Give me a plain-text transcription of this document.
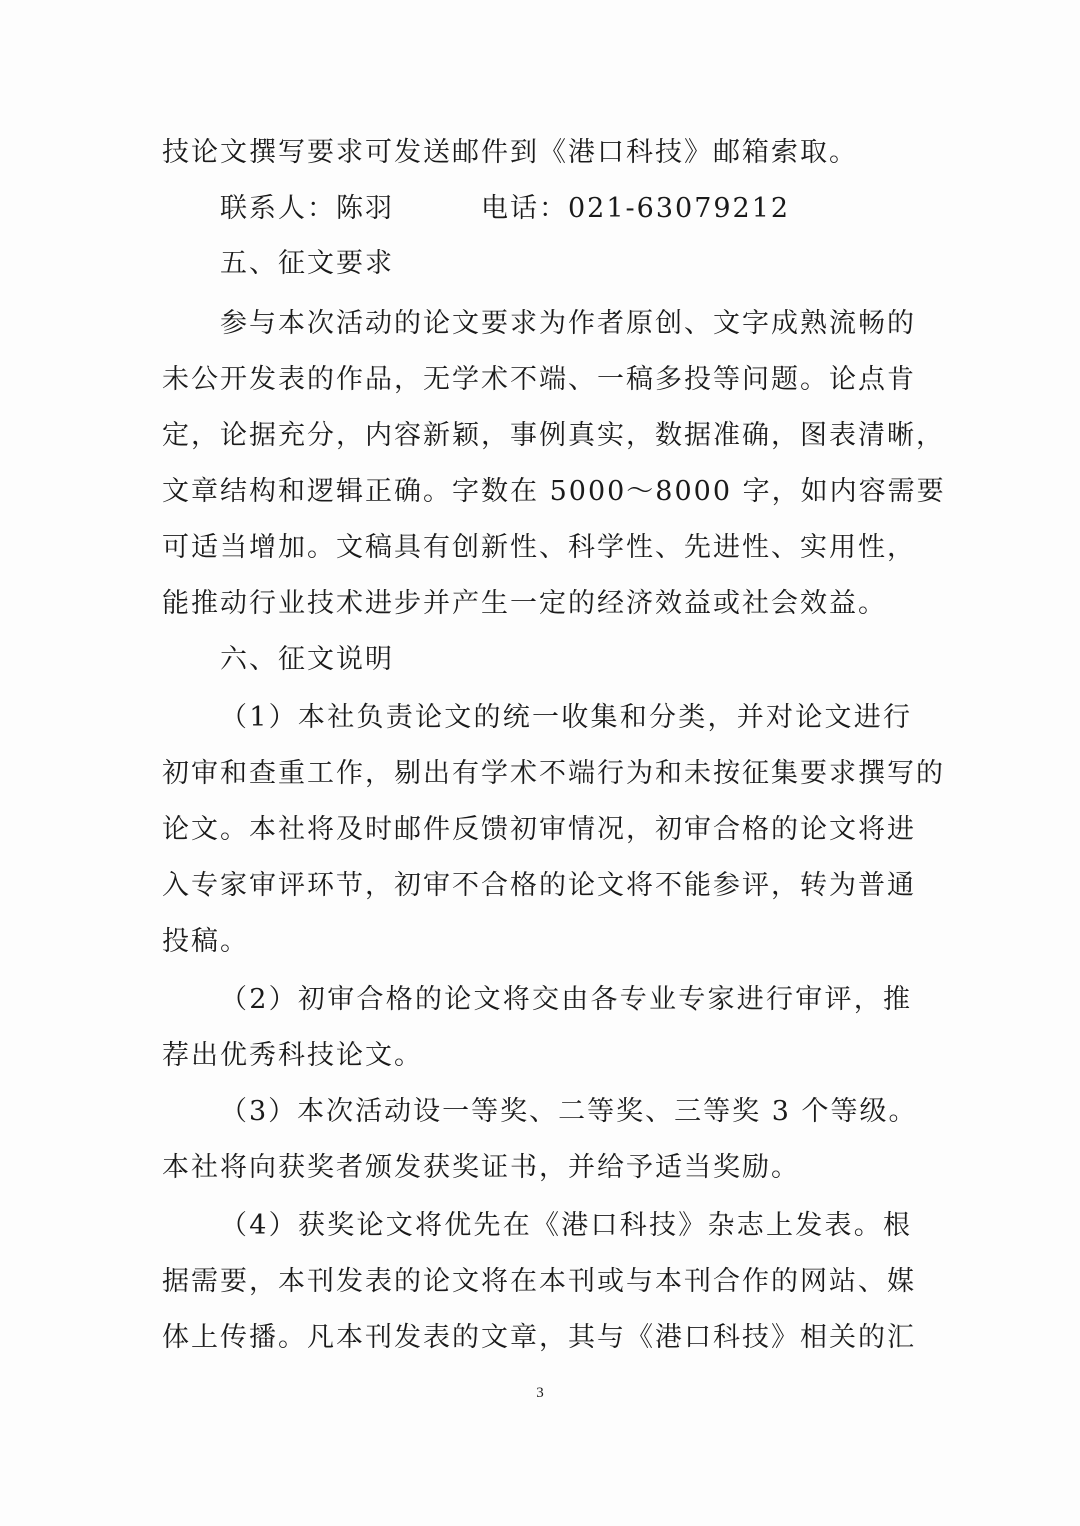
技论文撰写要求可发送邮件到《港口科技》邮箱索取。
联系人：陈羽　　　电话：021-63079212
五、征文要求
参与本次活动的论文要求为作者原创、文字成熟流畅的
未公开发表的作品，无学术不端、一稿多投等问题。论点肯
定，论据充分，内容新颖，事例真实，数据准确，图表清晰，
文章结构和逻辑正确。字数在 5000～8000 字，如内容需要
可适当增加。文稿具有创新性、科学性、先进性、实用性，
能推动行业技术进步并产生一定的经济效益或社会效益。
六、征文说明
（1）本社负责论文的统一收集和分类，并对论文进行
初审和查重工作，剔出有学术不端行为和未按征集要求撰写的
论文。本社将及时邮件反馈初审情况，初审合格的论文将进
入专家审评环节，初审不合格的论文将不能参评，转为普通
投稿。
（2）初审合格的论文将交由各专业专家进行审评，推
荐出优秀科技论文。
（3）本次活动设一等奖、二等奖、三等奖 3 个等级。
本社将向获奖者颁发获奖证书，并给予适当奖励。
（4）获奖论文将优先在《港口科技》杂志上发表。根
据需要，本刊发表的论文将在本刊或与本刊合作的网站、媒
体上传播。凡本刊发表的文章，其与《港口科技》相关的汇
3
